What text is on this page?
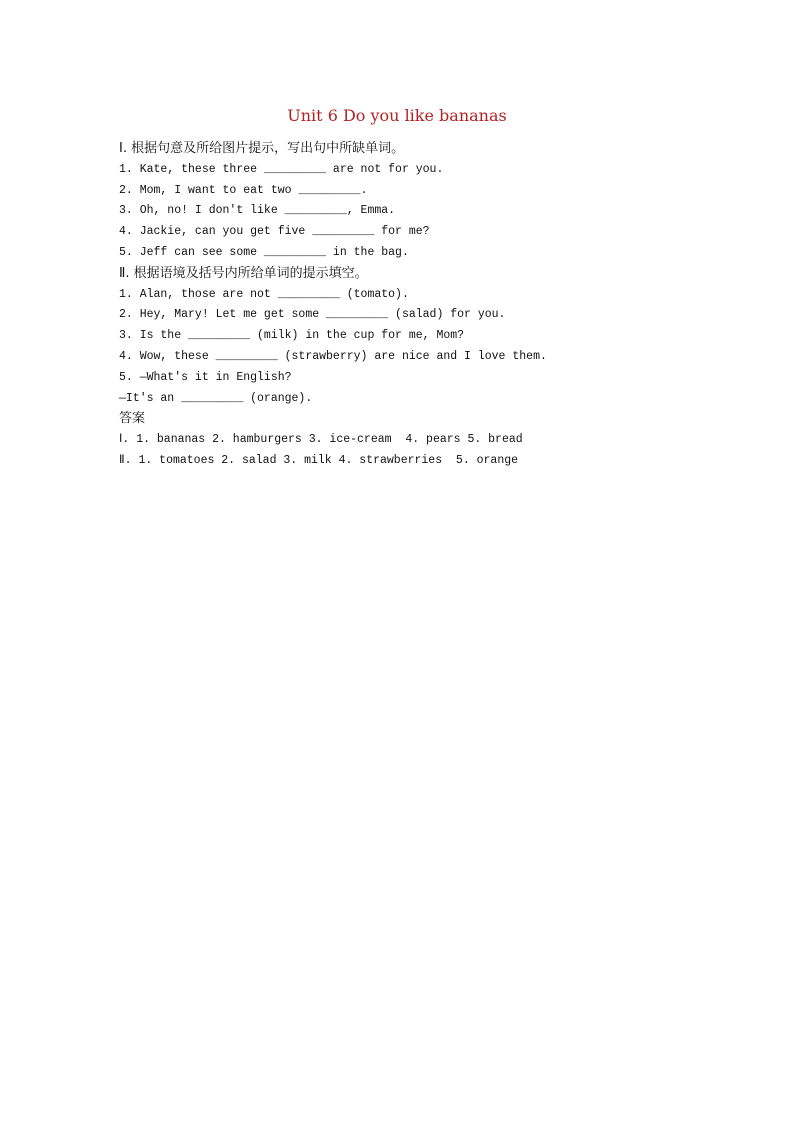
Unit 6 Do you like bananas
Ⅰ. 根据句意及所给图片提示，写出句中所缺单词。
1. Kate, these three _________ are not for you.
2. Mom, I want to eat two _________.
3. Oh, no! I don't like _________, Emma.
4. Jackie, can you get five _________ for me?
5. Jeff can see some _________ in the bag.
Ⅱ. 根据语境及括号内所给单词的提示填空。
1. Alan, those are not _________ (tomato).
2. Hey, Mary! Let me get some _________ (salad) for you.
3. Is the _________ (milk) in the cup for me, Mom?
4. Wow, these _________ (strawberry) are nice and I love them.
5. —What's it in English?
—It's an _________ (orange).
答案
Ⅰ. 1. bananas 2. hamburgers 3. ice-cream  4. pears 5. bread
Ⅱ. 1. tomatoes 2. salad 3. milk 4. strawberries  5. orange
